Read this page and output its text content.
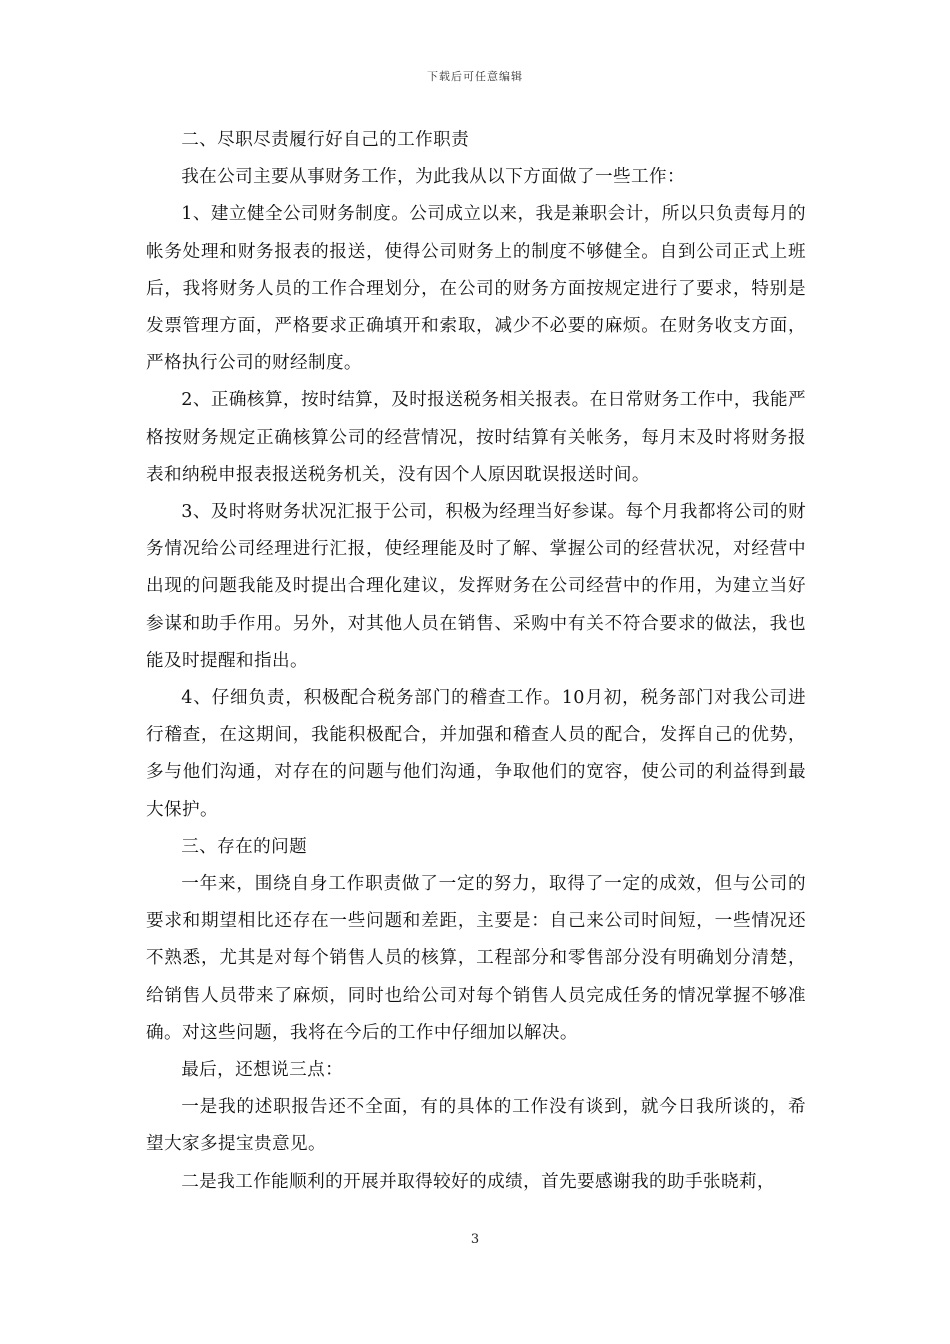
下载后可任意编辑

二、尽职尽责履行好自己的工作职责

我在公司主要从事财务工作，为此我从以下方面做了一些工作：

1、建立健全公司财务制度。公司成立以来，我是兼职会计，所以只负责每月的帐务处理和财务报表的报送，使得公司财务上的制度不够健全。自到公司正式上班后，我将财务人员的工作合理划分，在公司的财务方面按规定进行了要求，特别是发票管理方面，严格要求正确填开和索取，减少不必要的麻烦。在财务收支方面，严格执行公司的财经制度。

2、正确核算，按时结算，及时报送税务相关报表。在日常财务工作中，我能严格按财务规定正确核算公司的经营情况，按时结算有关帐务，每月末及时将财务报表和纳税申报表报送税务机关，没有因个人原因耽误报送时间。

3、及时将财务状况汇报于公司，积极为经理当好参谋。每个月我都将公司的财务情况给公司经理进行汇报，使经理能及时了解、掌握公司的经营状况，对经营中出现的问题我能及时提出合理化建议，发挥财务在公司经营中的作用，为建立当好参谋和助手作用。另外，对其他人员在销售、采购中有关不符合要求的做法，我也能及时提醒和指出。

4、仔细负责，积极配合税务部门的稽查工作。10月初，税务部门对我公司进行稽查，在这期间，我能积极配合，并加强和稽查人员的配合，发挥自己的优势，多与他们沟通，对存在的问题与他们沟通，争取他们的宽容，使公司的利益得到最大保护。

三、存在的问题

一年来，围绕自身工作职责做了一定的努力，取得了一定的成效，但与公司的要求和期望相比还存在一些问题和差距，主要是：自己来公司时间短，一些情况还不熟悉，尤其是对每个销售人员的核算，工程部分和零售部分没有明确划分清楚，给销售人员带来了麻烦，同时也给公司对每个销售人员完成任务的情况掌握不够准确。对这些问题，我将在今后的工作中仔细加以解决。

最后，还想说三点：

一是我的述职报告还不全面，有的具体的工作没有谈到，就今日我所谈的，希望大家多提宝贵意见。

二是我工作能顺利的开展并取得较好的成绩，首先要感谢我的助手张晓莉，

3
